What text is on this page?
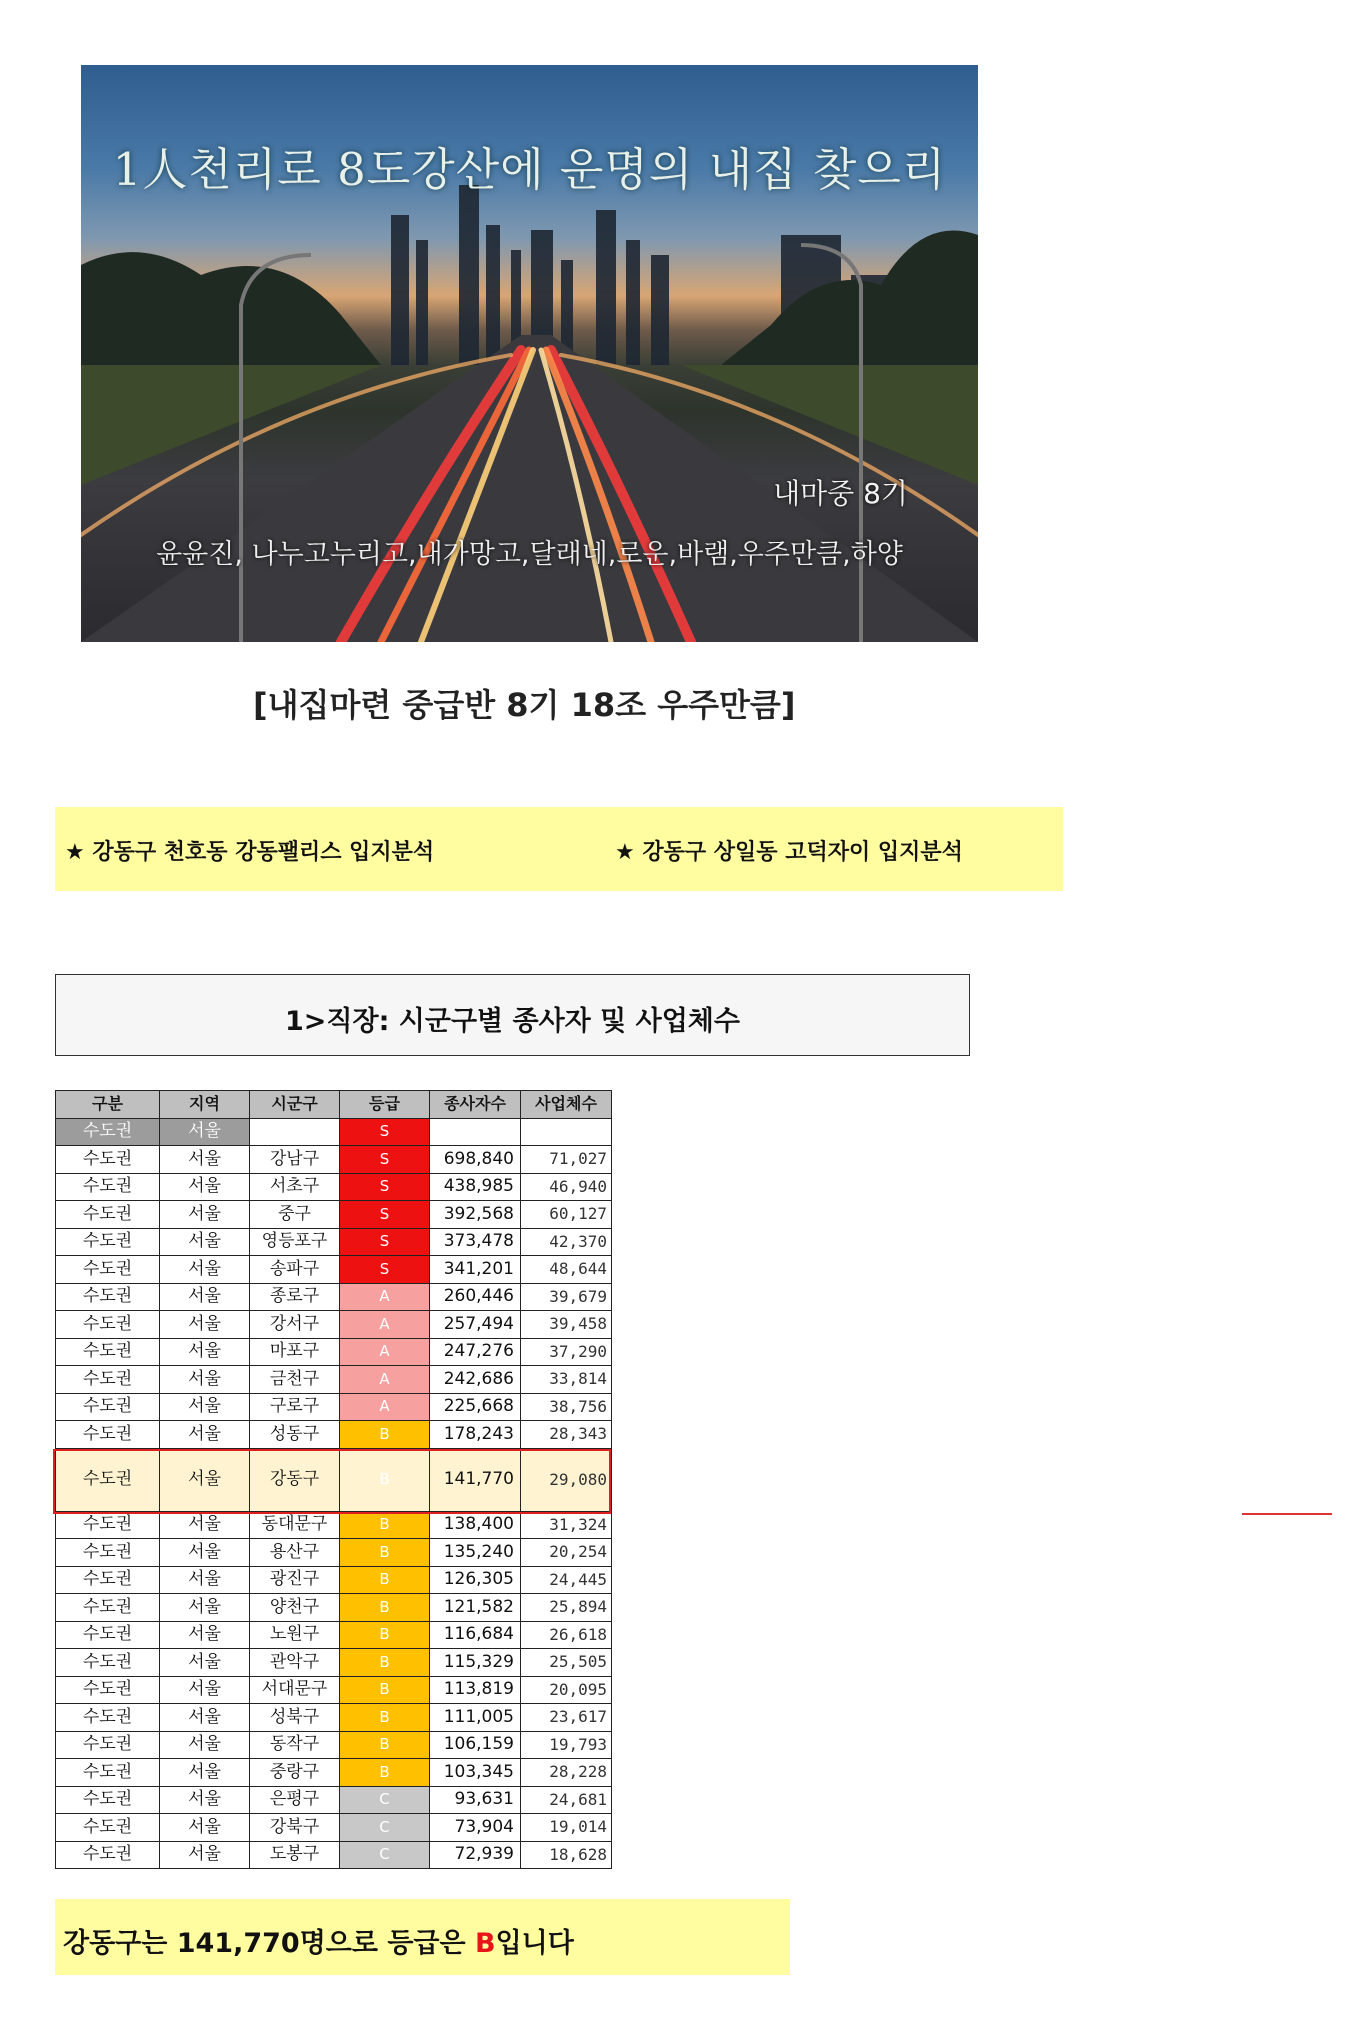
1人천리로 8도강산에 운명의 내집 찾으리
내마중 8기
윤윤진, 나누고누리고,내가망고,달래네,로운,바램,우주만큼,하양
[내집마련 중급반 8기 18조 우주만큼]
★ 강동구 천호동 강동팰리스 입지분석	★ 강동구 상일동 고덕자이 입지분석
1>직장: 시군구별 종사자 및 사업체수
구분	지역	시군구	등급	종사자수	사업체수
수도권	서울		S		
수도권	서울	강남구	S	698,840	71,027
수도권	서울	서초구	S	438,985	46,940
수도권	서울	중구	S	392,568	60,127
수도권	서울	영등포구	S	373,478	42,370
수도권	서울	송파구	S	341,201	48,644
수도권	서울	종로구	A	260,446	39,679
수도권	서울	강서구	A	257,494	39,458
수도권	서울	마포구	A	247,276	37,290
수도권	서울	금천구	A	242,686	33,814
수도권	서울	구로구	A	225,668	38,756
수도권	서울	성동구	B	178,243	28,343
수도권	서울	강동구	B	141,770	29,080
수도권	서울	동대문구	B	138,400	31,324
수도권	서울	용산구	B	135,240	20,254
수도권	서울	광진구	B	126,305	24,445
수도권	서울	양천구	B	121,582	25,894
수도권	서울	노원구	B	116,684	26,618
수도권	서울	관악구	B	115,329	25,505
수도권	서울	서대문구	B	113,819	20,095
수도권	서울	성북구	B	111,005	23,617
수도권	서울	동작구	B	106,159	19,793
수도권	서울	중랑구	B	103,345	28,228
수도권	서울	은평구	C	93,631	24,681
수도권	서울	강북구	C	73,904	19,014
수도권	서울	도봉구	C	72,939	18,628
강동구는 141,770명으로 등급은 B입니다
